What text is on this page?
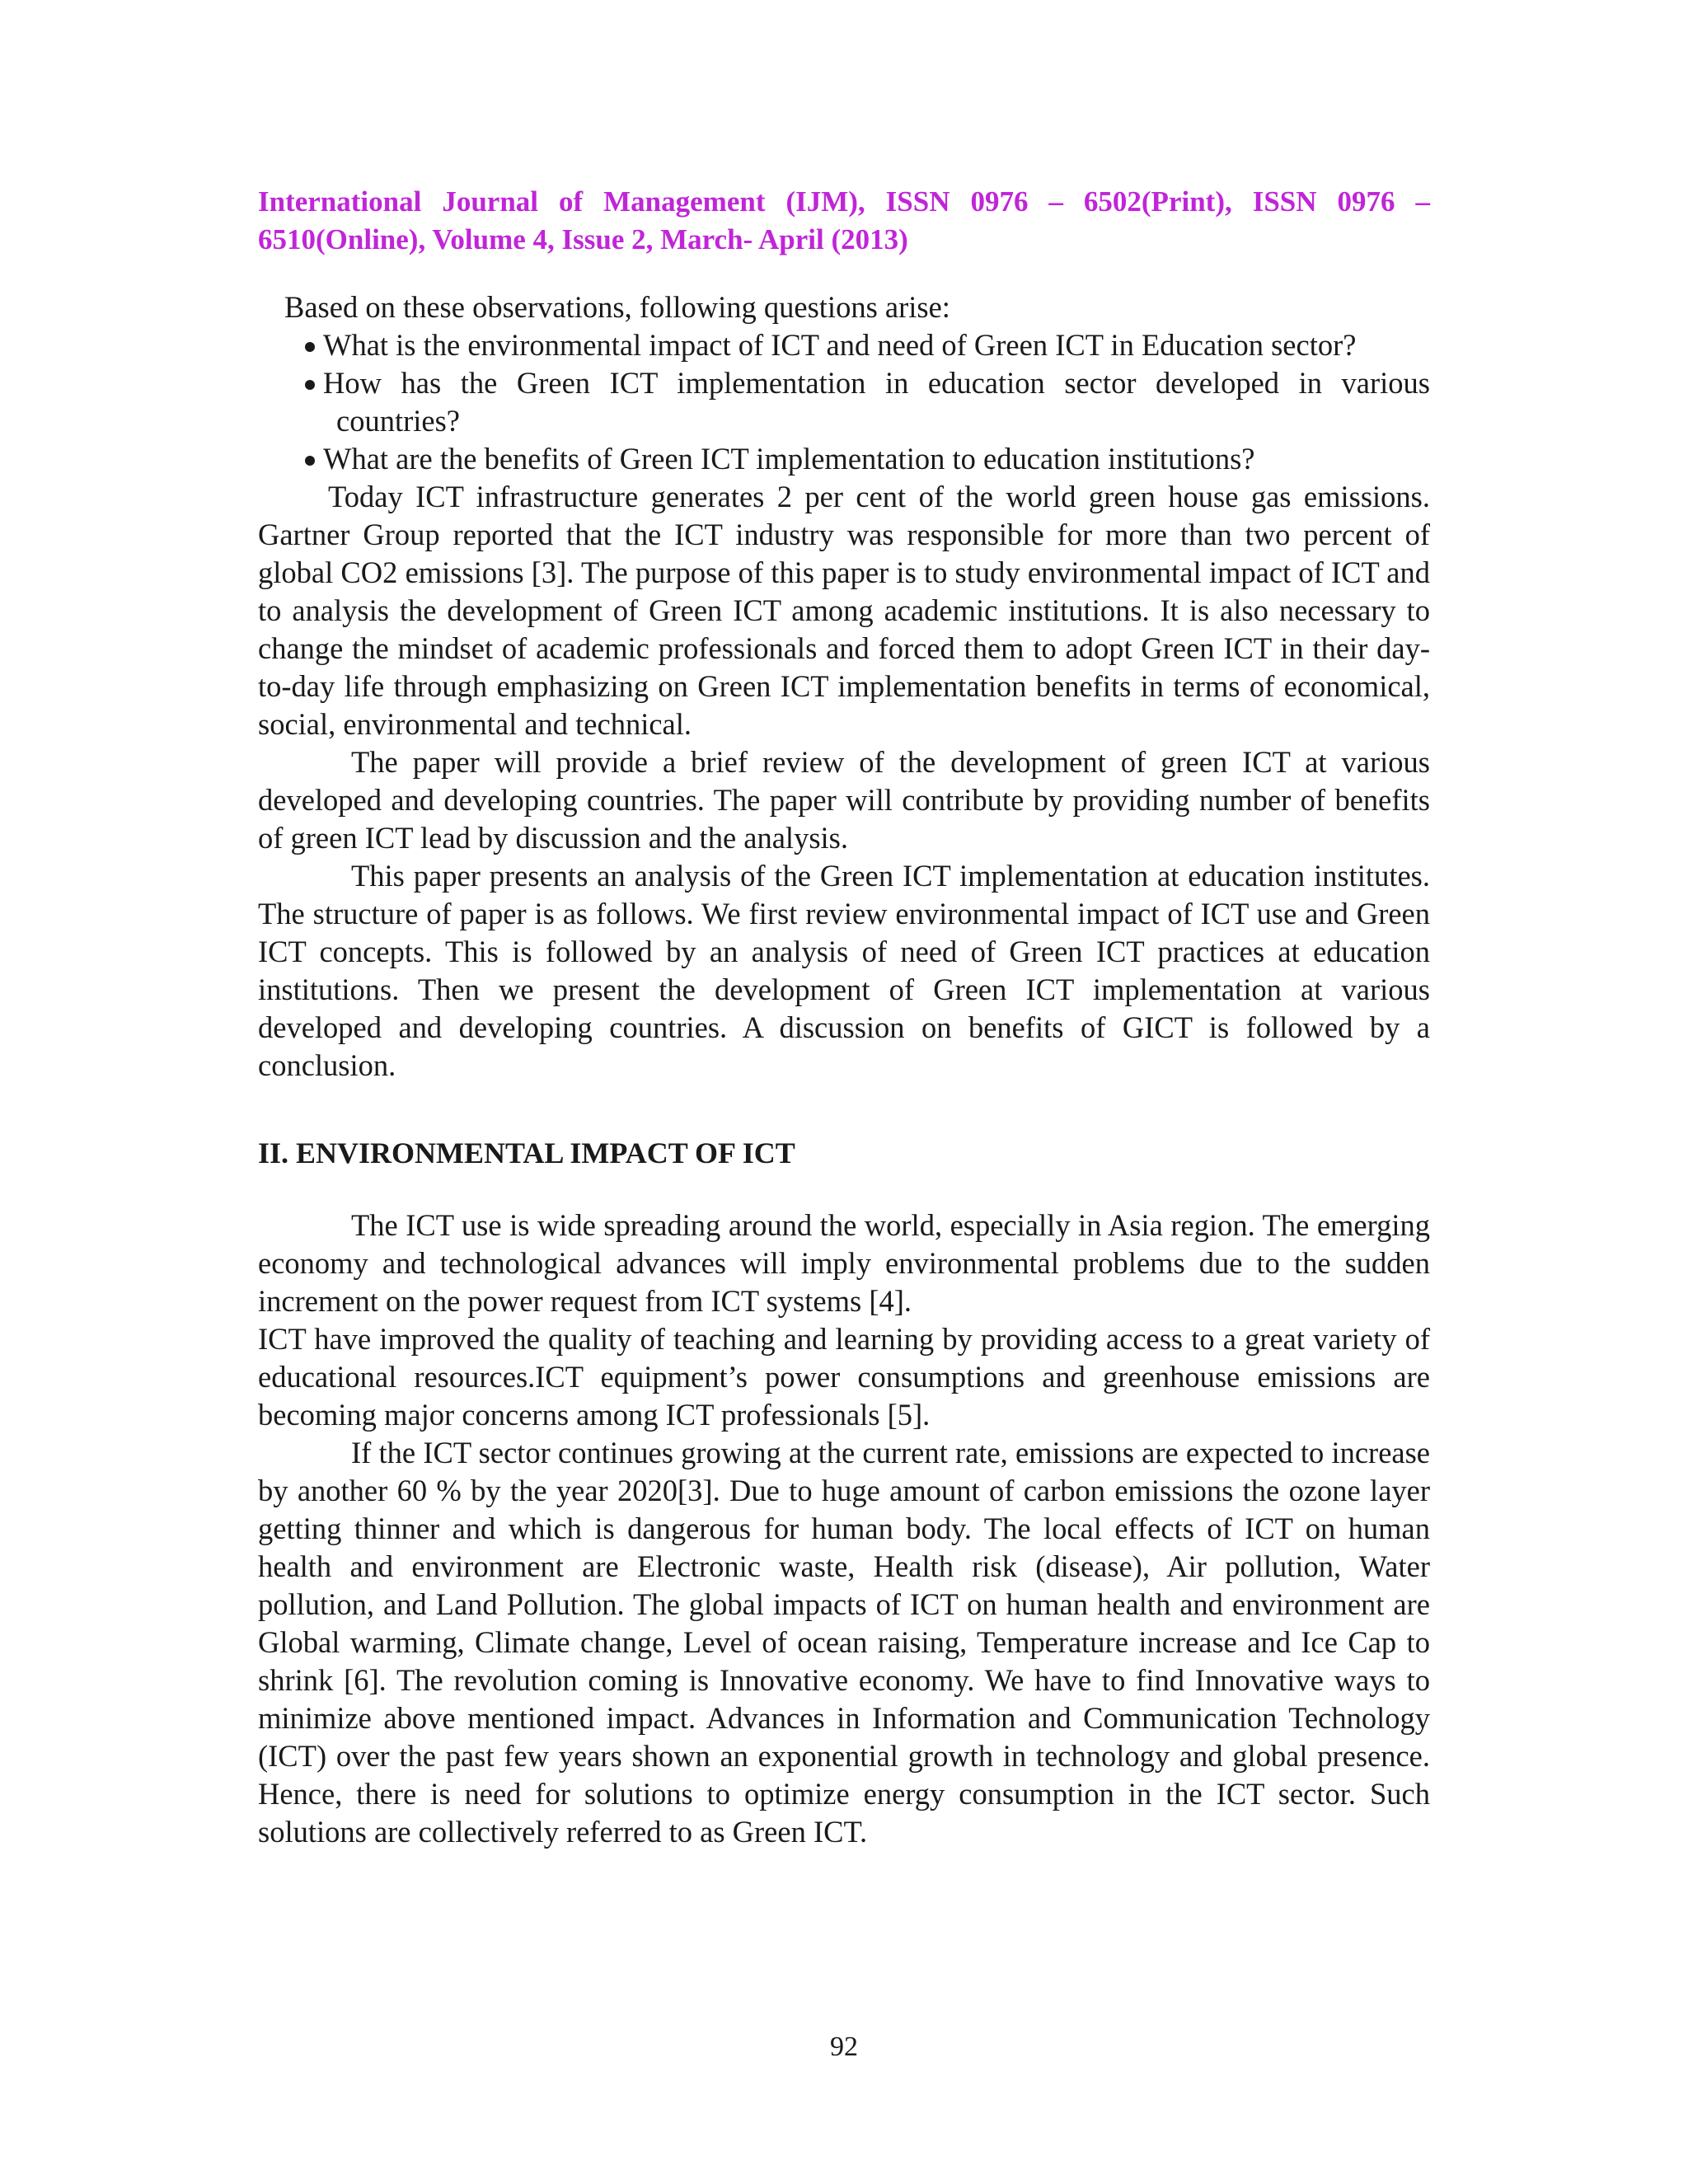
International Journal of Management (IJM), ISSN 0976 – 6502(Print), ISSN 0976 – 6510(Online), Volume 4, Issue 2, March- April (2013)

Based on these observations, following questions arise:

What is the environmental impact of ICT and need of Green ICT in Education sector?
How has the Green ICT implementation in education sector developed in various countries?
What are the benefits of Green ICT implementation to education institutions?

Today ICT infrastructure generates 2 per cent of the world green house gas emissions. Gartner Group reported that the ICT industry was responsible for more than two percent of global CO2 emissions [3]. The purpose of this paper is to study environmental impact of ICT and to analysis the development of Green ICT among academic institutions. It is also necessary to change the mindset of academic professionals and forced them to adopt Green ICT in their day-to-day life through emphasizing on Green ICT implementation benefits in terms of economical, social, environmental and technical.

The paper will provide a brief review of the development of green ICT at various developed and developing countries. The paper will contribute by providing number of benefits of green ICT lead by discussion and the analysis.

This paper presents an analysis of the Green ICT implementation at education institutes. The structure of paper is as follows. We first review environmental impact of ICT use and Green ICT concepts. This is followed by an analysis of need of Green ICT practices at education institutions. Then we present the development of Green ICT implementation at various developed and developing countries. A discussion on benefits of GICT is followed by a conclusion.

II. ENVIRONMENTAL IMPACT OF ICT

The ICT use is wide spreading around the world, especially in Asia region. The emerging economy and technological advances will imply environmental problems due to the sudden increment on the power request from ICT systems [4].

ICT have improved the quality of teaching and learning by providing access to a great variety of educational resources.ICT equipment’s power consumptions and greenhouse emissions are becoming major concerns among ICT professionals [5].

If the ICT sector continues growing at the current rate, emissions are expected to increase by another 60 % by the year 2020[3]. Due to huge amount of carbon emissions the ozone layer getting thinner and which is dangerous for human body. The local effects of ICT on human health and environment are Electronic waste, Health risk (disease), Air pollution, Water pollution, and Land Pollution. The global impacts of ICT on human health and environment are Global warming, Climate change, Level of ocean raising, Temperature increase and Ice Cap to shrink [6]. The revolution coming is Innovative economy. We have to find Innovative ways to minimize above mentioned impact. Advances in Information and Communication Technology (ICT) over the past few years shown an exponential growth in technology and global presence. Hence, there is need for solutions to optimize energy consumption in the ICT sector. Such solutions are collectively referred to as Green ICT.

92
